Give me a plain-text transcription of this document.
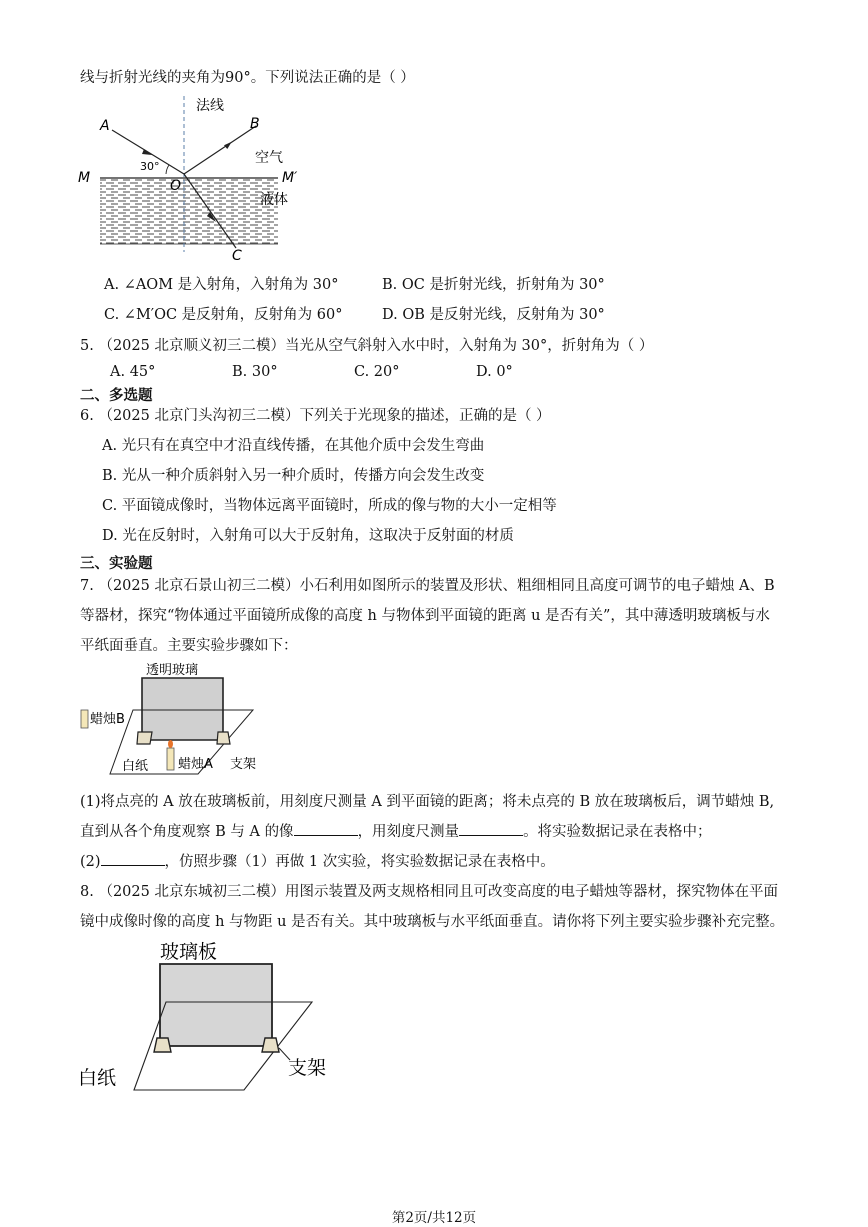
线与折射光线的夹角为90°。下列说法正确的是（ ）
30°
法线
A	B
M	M′
O
C
空气
液体
A. ∠AOM 是入射角，入射角为 30°	B. OC 是折射光线，折射角为 30°
C. ∠M′OC 是反射角，反射角为 60°	D. OB 是反射光线，反射角为 30°
5. （2025 北京顺义初三二模）当光从空气斜射入水中时，入射角为 30°，折射角为（ ）
A. 45°	B. 30°	C. 20°	D. 0°
二、多选题
6. （2025 北京门头沟初三二模）下列关于光现象的描述，正确的是（ ）
A. 光只有在真空中才沿直线传播，在其他介质中会发生弯曲
B. 光从一种介质斜射入另一种介质时，传播方向会发生改变
C. 平面镜成像时，当物体远离平面镜时，所成的像与物的大小一定相等
D. 光在反射时，入射角可以大于反射角，这取决于反射面的材质
三、实验题
7. （2025 北京石景山初三二模）小石利用如图所示的装置及形状、粗细相同且高度可调节的电子蜡烛 A、B
等器材，探究“物体通过平面镜所成像的高度 h 与物体到平面镜的距离 u 是否有关”，其中薄透明玻璃板与水
平纸面垂直。主要实验步骤如下：
透明玻璃
蜡烛B
白纸 蜡烛A 支架
(1)将点亮的 A 放在玻璃板前，用刻度尺测量 A 到平面镜的距离；将未点亮的 B 放在玻璃板后，调节蜡烛 B,
直到从各个角度观察 B 与 A 的像	，用刻度尺测量	。将实验数据记录在表格中；
(2)	，仿照步骤（1）再做 1 次实验，将实验数据记录在表格中。
8. （2025 北京东城初三二模）用图示装置及两支规格相同且可改变高度的电子蜡烛等器材，探究物体在平面
镜中成像时像的高度 h 与物距 u 是否有关。其中玻璃板与水平纸面垂直。请你将下列主要实验步骤补充完整。
玻璃板
白纸	支架
第2页/共12页
